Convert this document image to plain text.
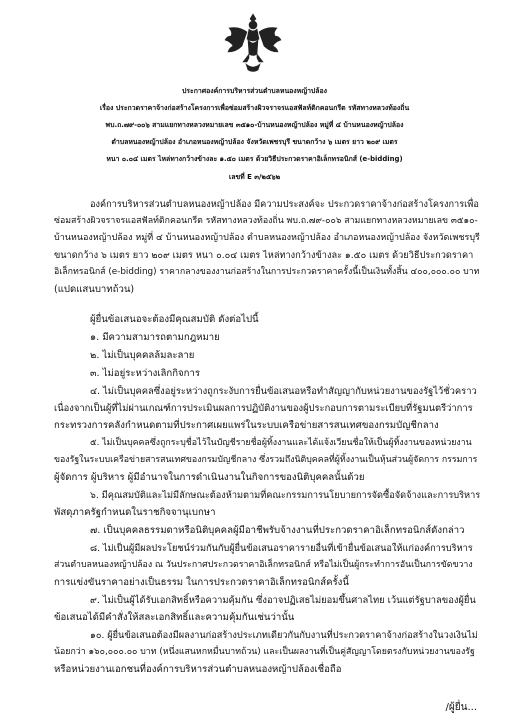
ประกาศองค์การบริหารส่วนตำบลหนองหญ้าปล้อง
เรื่อง ประกวดราคาจ้างก่อสร้างโครงการเพื่อซ่อมสร้างผิวจราจรแอสฟัลท์ติกคอนกรีต รหัสทางหลวงท้องถิ่น
พบ.ถ.๗๙-๐๐๖ สามแยกทางหลวงหมายเลข ๓๕๑๐-บ้านหนองหญ้าปล้อง หมู่ที่ ๔ บ้านหนองหญ้าปล้อง
ตำบลหนองหญ้าปล้อง อำเภอหนองหญ้าปล้อง จังหวัดเพชรบุรี ขนาดกว้าง ๖ เมตร ยาว ๒๐๙ เมตร
หนา ๐.๐๔ เมตร ไหล่ทางกว้างข้างละ ๑.๕๐ เมตร ด้วยวิธีประกวดราคาอิเล็กทรอนิกส์ (e-bidding)
เลขที่ E ๓/๒๕๖๒
องค์การบริหารส่วนตำบลหนองหญ้าปล้อง มีความประสงค์จะ ประกวดราคาจ้างก่อสร้างโครงการเพื่อ
ซ่อมสร้างผิวจราจรแอสฟัลท์ติกคอนกรีต รหัสทางหลวงท้องถิ่น พบ.ถ.๗๙-๐๐๖ สามแยกทางหลวงหมายเลข ๓๕๑๐-
บ้านหนองหญ้าปล้อง หมู่ที่ ๔ บ้านหนองหญ้าปล้อง ตำบลหนองหญ้าปล้อง อำเภอหนองหญ้าปล้อง จังหวัดเพชรบุรี
ขนาดกว้าง ๖ เมตร ยาว ๒๐๙ เมตร หนา ๐.๐๔ เมตร ไหล่ทางกว้างข้างละ ๑.๕๐ เมตร ด้วยวิธีประกวดราคา
อิเล็กทรอนิกส์ (e-bidding) ราคากลางของงานก่อสร้างในการประกวดราคาครั้งนี้เป็นเงินทั้งสิ้น ๔๐๐,๐๐๐.๐๐ บาท
(แปดแสนบาทถ้วน)
ผู้ยื่นข้อเสนอจะต้องมีคุณสมบัติ ดังต่อไปนี้
๑. มีความสามารถตามกฎหมาย
๒. ไม่เป็นบุคคลล้มละลาย
๓. ไม่อยู่ระหว่างเลิกกิจการ
๔. ไม่เป็นบุคคลซึ่งอยู่ระหว่างถูกระงับการยื่นข้อเสนอหรือทำสัญญากับหน่วยงานของรัฐไว้ชั่วคราว
เนื่องจากเป็นผู้ที่ไม่ผ่านเกณฑ์การประเมินผลการปฏิบัติงานของผู้ประกอบการตามระเบียบที่รัฐมนตรีว่าการ
กระทรวงการคลังกำหนดตามที่ประกาศเผยแพร่ในระบบเครือข่ายสารสนเทศของกรมบัญชีกลาง
๕. ไม่เป็นบุคคลซึ่งถูกระบุชื่อไว้ในบัญชีรายชื่อผู้ทิ้งงานและได้แจ้งเวียนชื่อให้เป็นผู้ทิ้งงานของหน่วยงาน
ของรัฐในระบบเครือข่ายสารสนเทศของกรมบัญชีกลาง ซึ่งรวมถึงนิติบุคคลที่ผู้ทิ้งงานเป็นหุ้นส่วนผู้จัดการ กรรมการ
ผู้จัดการ ผู้บริหาร ผู้มีอำนาจในการดำเนินงานในกิจการของนิติบุคคลนั้นด้วย
๖. มีคุณสมบัติและไม่มีลักษณะต้องห้ามตามที่คณะกรรมการนโยบายการจัดซื้อจัดจ้างและการบริหาร
พัสดุภาครัฐกำหนดในราชกิจจานุเบกษา
๗. เป็นบุคคลธรรมดาหรือนิติบุคคลผู้มีอาชีพรับจ้างงานที่ประกวดราคาอิเล็กทรอนิกส์ดังกล่าว
๘. ไม่เป็นผู้มีผลประโยชน์ร่วมกันกับผู้ยื่นข้อเสนอราคารายอื่นที่เข้ายื่นข้อเสนอให้แก่องค์การบริหาร
ส่วนตำบลหนองหญ้าปล้อง ณ วันประกาศประกวดราคาอิเล็กทรอนิกส์ หรือไม่เป็นผู้กระทำการอันเป็นการขัดขวาง
การแข่งขันราคาอย่างเป็นธรรม ในการประกวดราคาอิเล็กทรอนิกส์ครั้งนี้
๙. ไม่เป็นผู้ได้รับเอกสิทธิ์หรือความคุ้มกัน ซึ่งอาจปฏิเสธไม่ยอมขึ้นศาลไทย เว้นแต่รัฐบาลของผู้ยื่น
ข้อเสนอได้มีคำสั่งให้สละเอกสิทธิ์และความคุ้มกันเช่นว่านั้น
๑๐. ผู้ยื่นข้อเสนอต้องมีผลงานก่อสร้างประเภทเดียวกันกับงานที่ประกวดราคาจ้างก่อสร้างในวงเงินไม่
น้อยกว่า ๑๖๐,๐๐๐.๐๐ บาท (หนึ่งแสนหกหมื่นบาทถ้วน) และเป็นผลงานที่เป็นคู่สัญญาโดยตรงกับหน่วยงานของรัฐ
หรือหน่วยงานเอกชนที่องค์การบริหารส่วนตำบลหนองหญ้าปล้องเชื่อถือ
/ผู้ยื่น...
